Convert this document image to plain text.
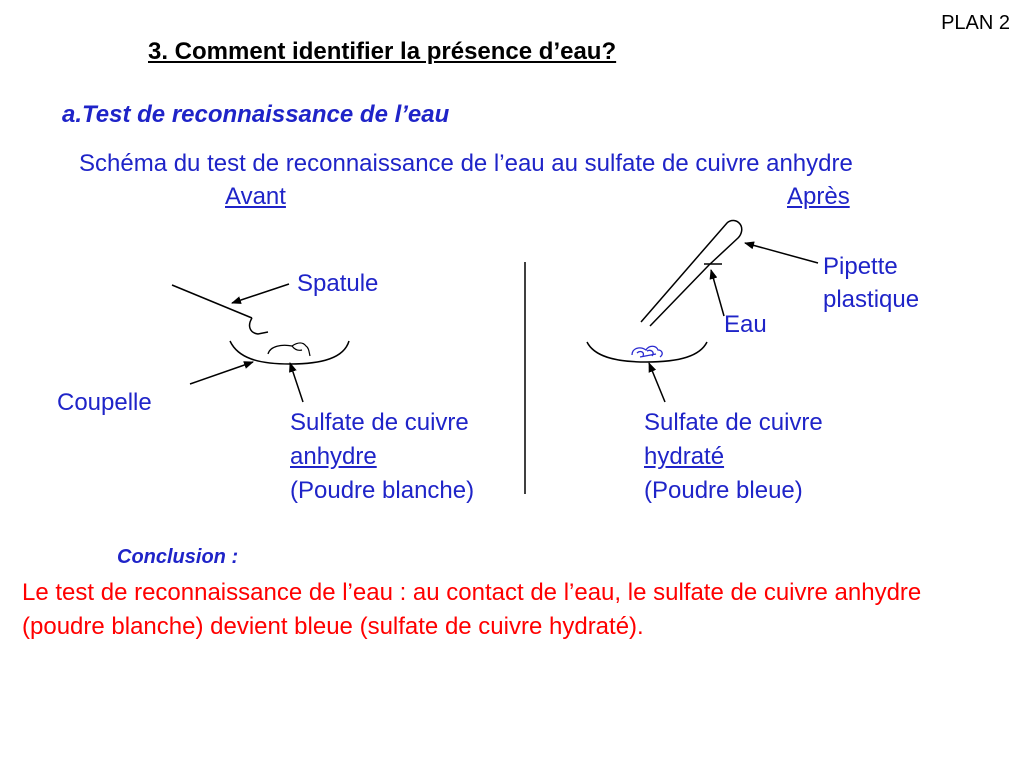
PLAN 2
3. Comment identifier la présence d’eau?
a.Test de reconnaissance de l’eau
Schéma du test de reconnaissance de l’eau au sulfate de cuivre anhydre
Avant	Après
Spatule
Pipette
plastique
Eau
Coupelle
Sulfate de cuivre
anhydre
(Poudre blanche)
Sulfate de cuivre
hydraté
(Poudre bleue)
Conclusion :
Le test de reconnaissance de l’eau : au contact de l’eau, le sulfate de cuivre anhydre (poudre blanche) devient bleue (sulfate de cuivre hydraté).
